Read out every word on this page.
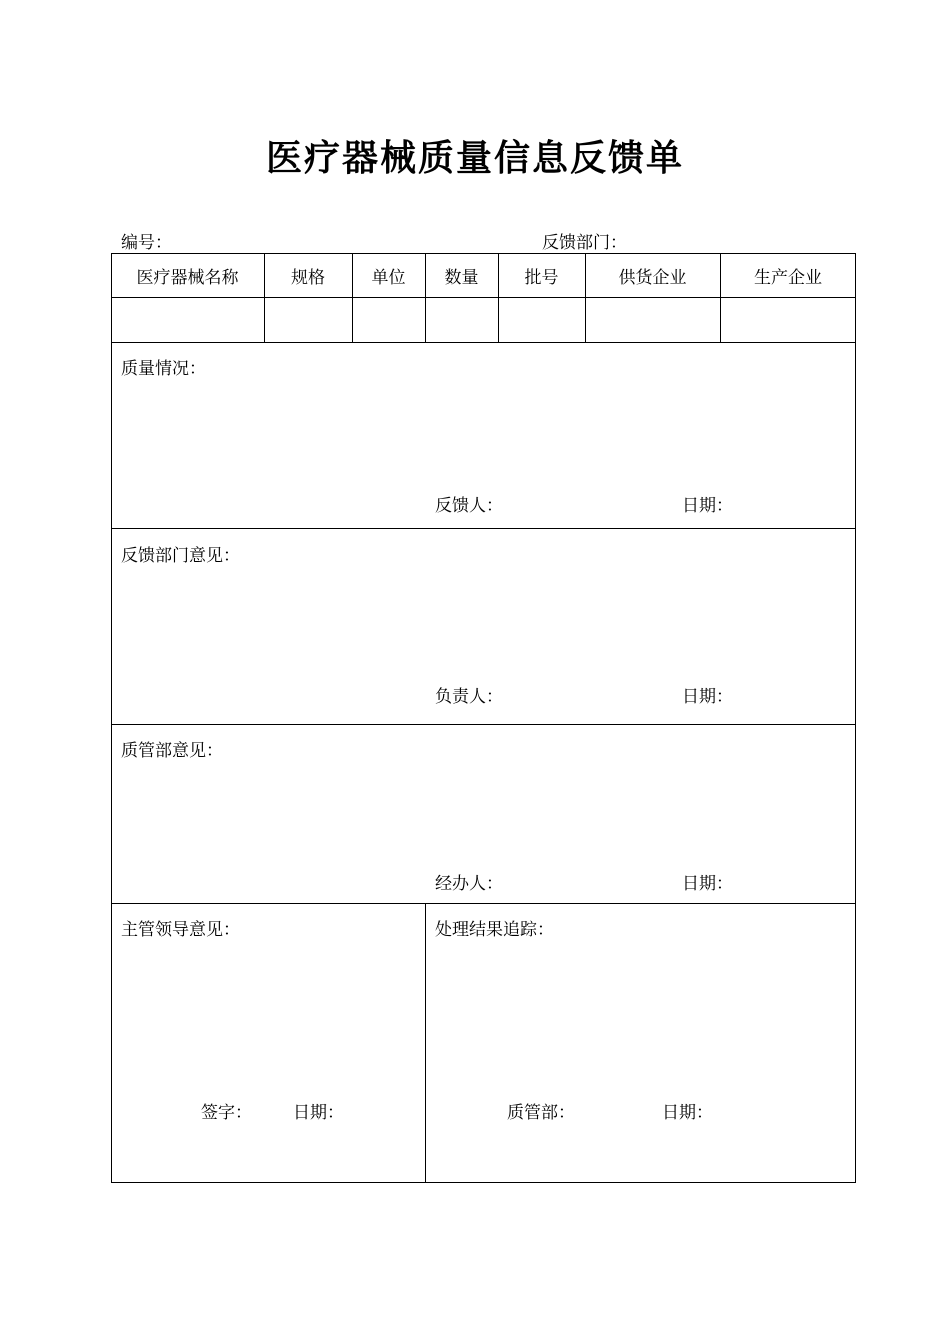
医疗器械质量信息反馈单
编号：	反馈部门：
医疗器械名称	规格	单位	数量	批号	供货企业	生产企业
质量情况：
反馈人：	日期：
反馈部门意见：
负责人：	日期：
质管部意见：
经办人：	日期：
主管领导意见：
签字： 日期：
处理结果追踪：
质管部：	日期：
